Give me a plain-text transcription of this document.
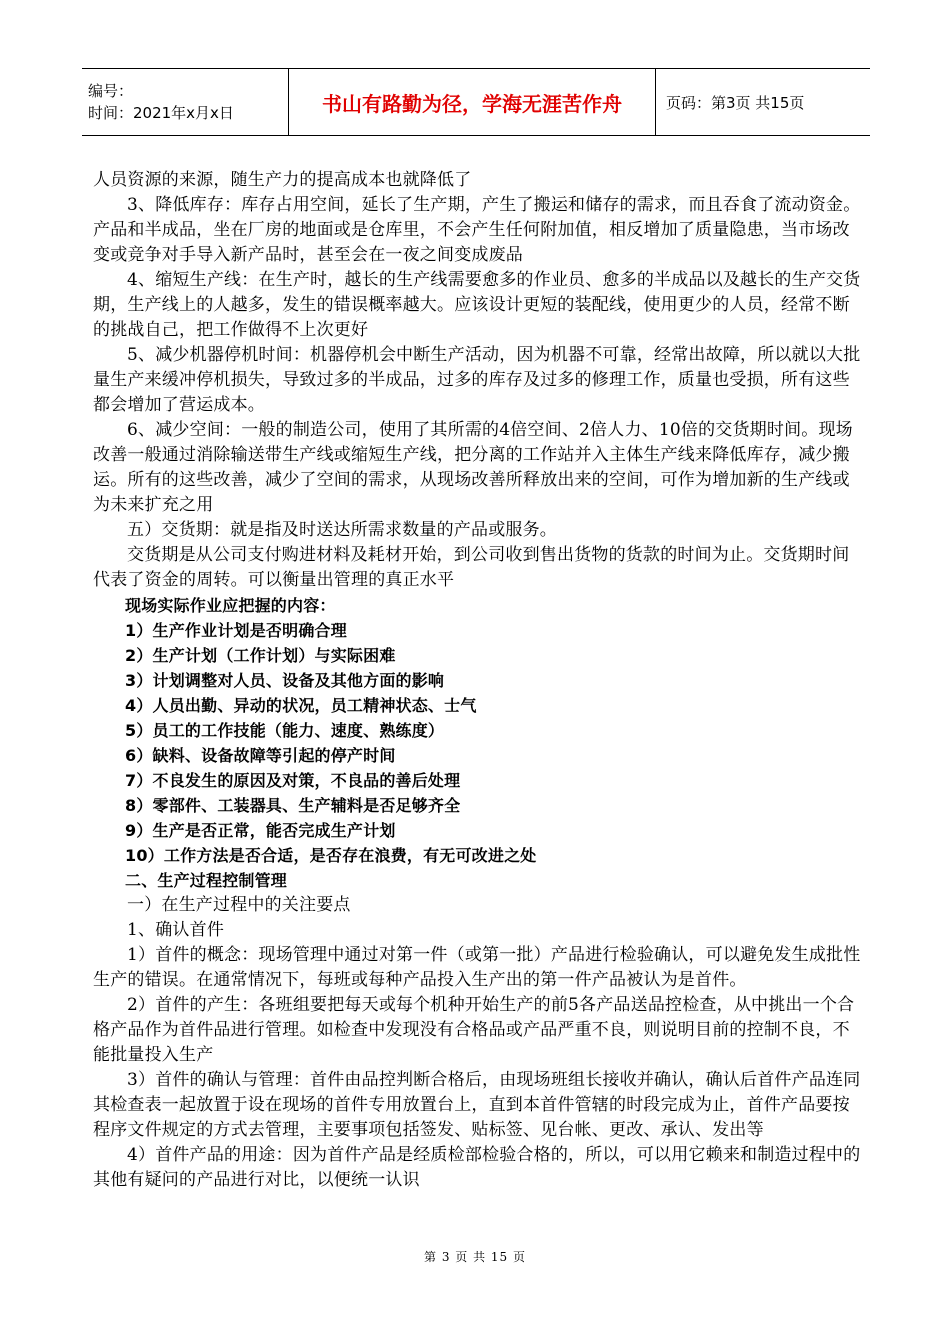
编号：
时间：2021年x月x日	书山有路勤为径，学海无涯苦作舟	页码：第3页 共15页

人员资源的来源，随生产力的提高成本也就降低了

3、降低库存：库存占用空间，延长了生产期，产生了搬运和储存的需求，而且吞食了流动资金。产品和半成品，坐在厂房的地面或是仓库里，不会产生任何附加值，相反增加了质量隐患，当市场改变或竞争对手导入新产品时，甚至会在一夜之间变成废品

4、缩短生产线：在生产时，越长的生产线需要愈多的作业员、愈多的半成品以及越长的生产交货期，生产线上的人越多，发生的错误概率越大。应该设计更短的装配线，使用更少的人员，经常不断的挑战自己，把工作做得不上次更好

5、减少机器停机时间：机器停机会中断生产活动，因为机器不可靠，经常出故障，所以就以大批量生产来缓冲停机损失，导致过多的半成品，过多的库存及过多的修理工作，质量也受损，所有这些都会增加了营运成本。

6、减少空间：一般的制造公司，使用了其所需的4倍空间、2倍人力、10倍的交货期时间。现场改善一般通过消除输送带生产线或缩短生产线，把分离的工作站并入主体生产线来降低库存，减少搬运。所有的这些改善，减少了空间的需求，从现场改善所释放出来的空间，可作为增加新的生产线或为未来扩充之用

五）交货期：就是指及时送达所需求数量的产品或服务。

交货期是从公司支付购进材料及耗材开始，到公司收到售出货物的货款的时间为止。交货期时间代表了资金的周转。可以衡量出管理的真正水平

现场实际作业应把握的内容：

1）生产作业计划是否明确合理

2）生产计划（工作计划）与实际困难

3）计划调整对人员、设备及其他方面的影响

4）人员出勤、异动的状况，员工精神状态、士气

5）员工的工作技能（能力、速度、熟练度）

6）缺料、设备故障等引起的停产时间

7）不良发生的原因及对策，不良品的善后处理

8）零部件、工装器具、生产辅料是否足够齐全

9）生产是否正常，能否完成生产计划

10）工作方法是否合适，是否存在浪费，有无可改进之处

二、生产过程控制管理

一）在生产过程中的关注要点

1、确认首件

1）首件的概念：现场管理中通过对第一件（或第一批）产品进行检验确认，可以避免发生成批性生产的错误。在通常情况下，每班或每种产品投入生产出的第一件产品被认为是首件。

2）首件的产生：各班组要把每天或每个机种开始生产的前5各产品送品控检查，从中挑出一个合格产品作为首件品进行管理。如检查中发现没有合格品或产品严重不良，则说明目前的控制不良，不能批量投入生产

3）首件的确认与管理：首件由品控判断合格后，由现场班组长接收并确认，确认后首件产品连同其检查表一起放置于设在现场的首件专用放置台上，直到本首件管辖的时段完成为止，首件产品要按程序文件规定的方式去管理，主要事项包括签发、贴标签、见台帐、更改、承认、发出等

4）首件产品的用途：因为首件产品是经质检部检验合格的，所以，可以用它赖来和制造过程中的其他有疑问的产品进行对比，以便统一认识

第 3 页 共 15 页
